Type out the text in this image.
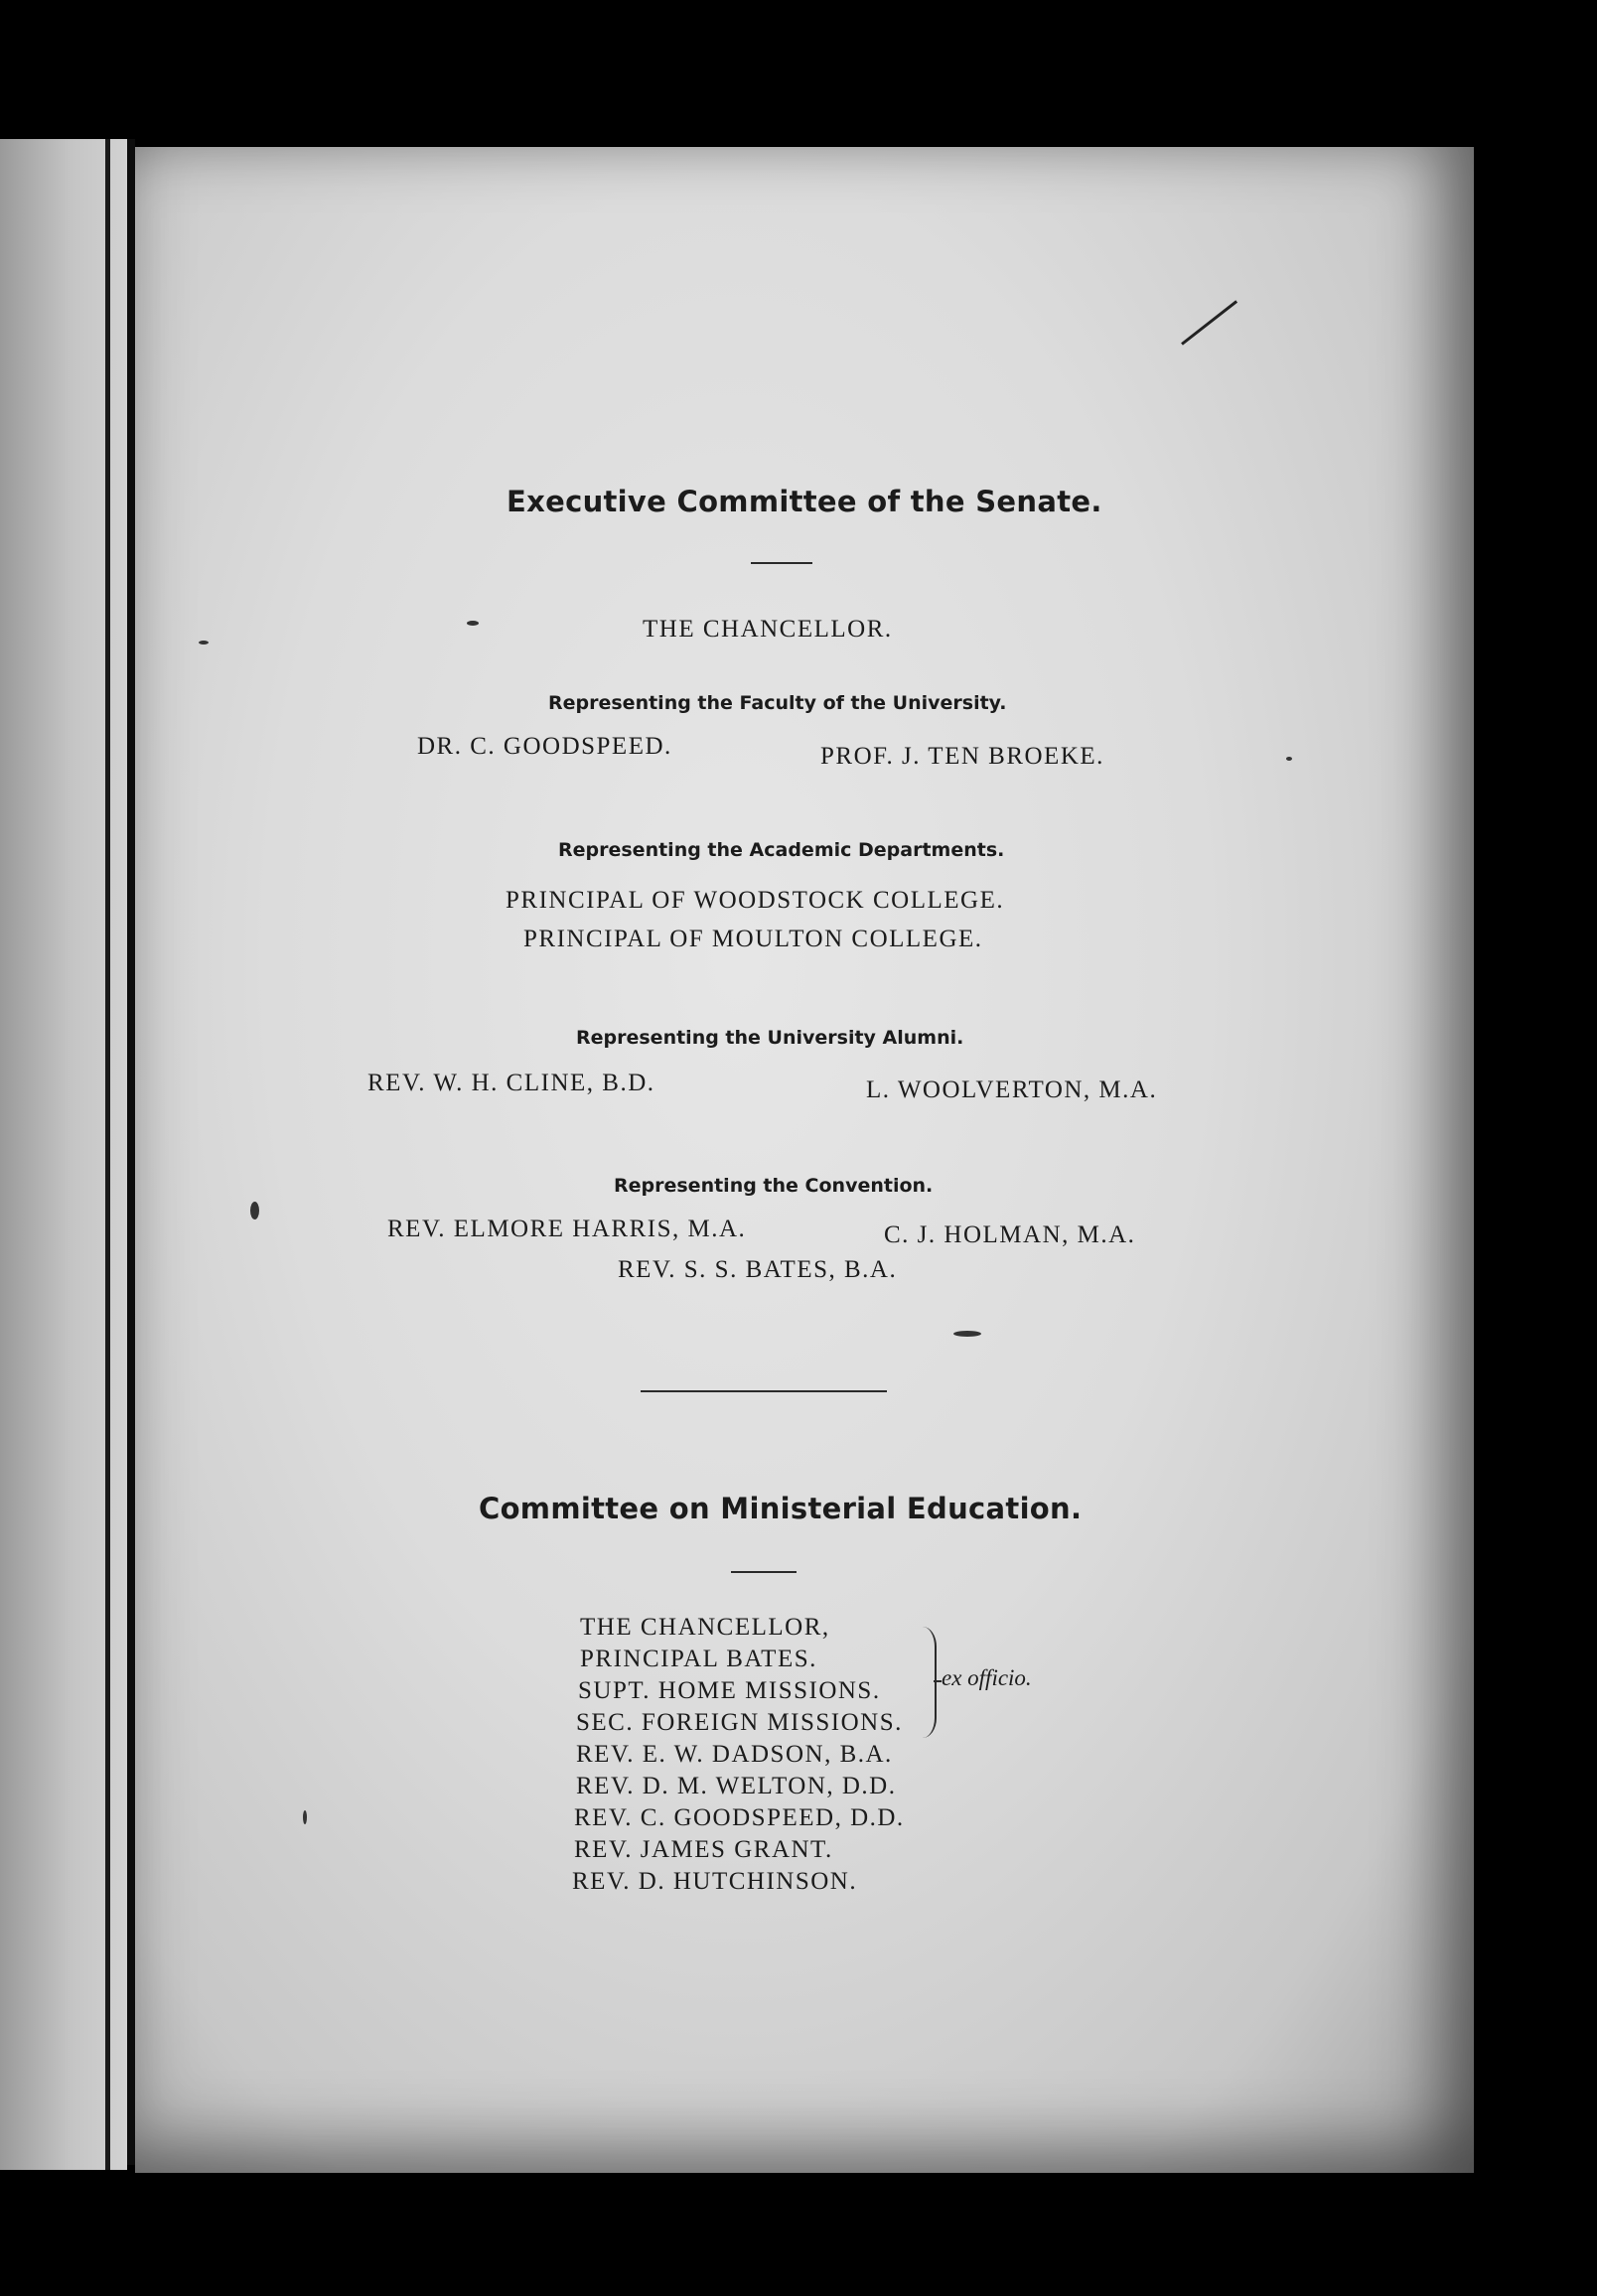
Executive Committee of the Senate.
THE CHANCELLOR.
Representing the Faculty of the University.
DR. C. GOODSPEED.	PROF. J. TEN BROEKE.
Representing the Academic Departments.
PRINCIPAL OF WOODSTOCK COLLEGE.
PRINCIPAL OF MOULTON COLLEGE.
Representing the University Alumni.
REV. W. H. CLINE, B.D.	L. WOOLVERTON, M.A.
Representing the Convention.
REV. ELMORE HARRIS, M.A.	C. J. HOLMAN, M.A.
REV. S. S. BATES, B.A.
Committee on Ministerial Education.
THE CHANCELLOR,
PRINCIPAL BATES.
SUPT. HOME MISSIONS.
SEC. FOREIGN MISSIONS.
REV. E. W. DADSON, B.A.
REV. D. M. WELTON, D.D.
REV. C. GOODSPEED, D.D.
REV. JAMES GRANT.
REV. D. HUTCHINSON.
ex officio.
